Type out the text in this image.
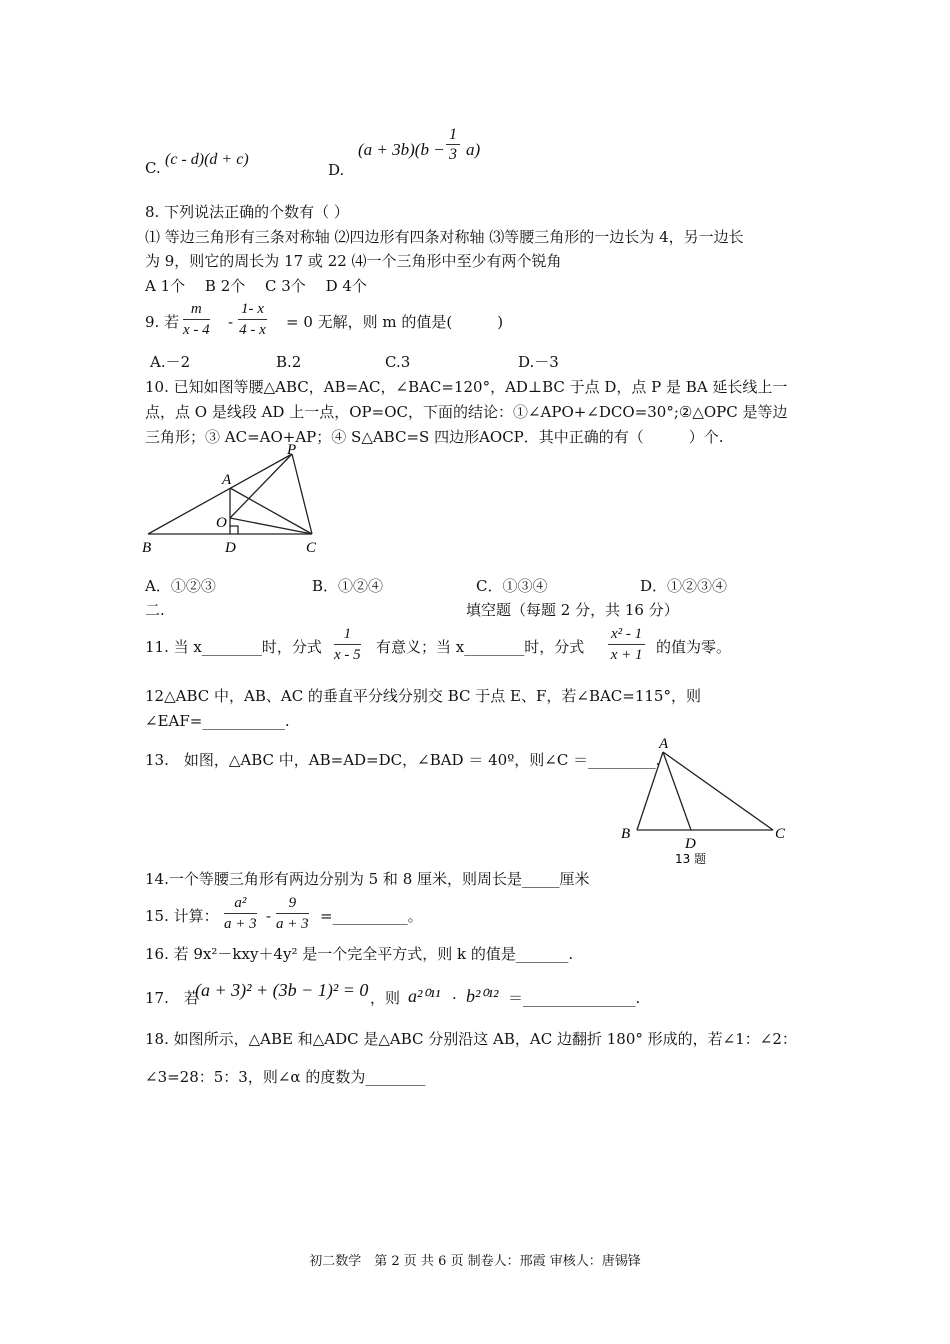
C. (c - d)(d + c)
D.
$(a + 3b)(b - \frac{1}{3} a)$
8. 下列说法正确的个数有（ ）
⑴ 等边三角形有三条对称轴 ⑵四边形有四条对称轴 ⑶等腰三角形的一边长为 4，另一边长
为 9，则它的周长为 17 或 22 ⑷一个三角形中至少有两个锐角
A 1个　 B 2个 　C 3个　 D 4个
9. 若 $\frac{m}{x - 4} - \frac{1- x}{4 - x} = 0$ 无解，则 m 的值是(　　　)
A.－2	B.2	C.3	D.－3
10. 已知如图等腰△ABC，AB=AC，∠BAC=120°，AD⊥BC 于点 D，点 P 是 BA 延长线上一
点，点 O 是线段 AD 上一点，OP=OC，下面的结论：①∠APO+∠DCO=30°;②△OPC 是等边
三角形；③ AC=AO+AP；④ S△ABC=S 四边形AOCP．其中正确的有（　　　）个.
P
A
O
B	D	C
A．①②③	B．①②④	C．①③④	D．①②③④
二.	填空题（每题 2 分，共 16 分）
11. 当 x________时，分式 $\frac{1}{x - 5}$ 有意义；当 x________时，分式 $\frac{\text{x² - 1}}{x + 1}$ 的值为零。
12△ABC 中，AB、AC 的垂直平分线分别交 BC 于点 E、F，若∠BAC=115°，则
∠EAF=___________.
13.　如图，△ABC 中，AB=AD=DC，∠BAD ＝ 40º，则∠C ＝_________.
A
B
D
C
13 题
14.一个等腰三角形有两边分别为 5 和 8 厘米，则周长是_____厘米
15. 计算： $\frac{\text{a²}}{a + 3} - \frac{9}{a + 3}$ =__________。
16. 若 9x²－kxy＋4y² 是一个完全平方式，则 k 的值是_______.
17.　若
(a + 3)² + (3b − 1)² = 0 ，则 a²⁰¹¹ · b²⁰¹² ＝_______________.
18. 如图所示，△ABE 和△ADC 是△ABC 分别沿这 AB，AC 边翻折 180° 形成的，若∠1：∠2：
∠3=28：5：3，则∠α 的度数为________
初二数学　第 2 页 共 6 页 制卷人：邢霞 审核人：唐锡锋
